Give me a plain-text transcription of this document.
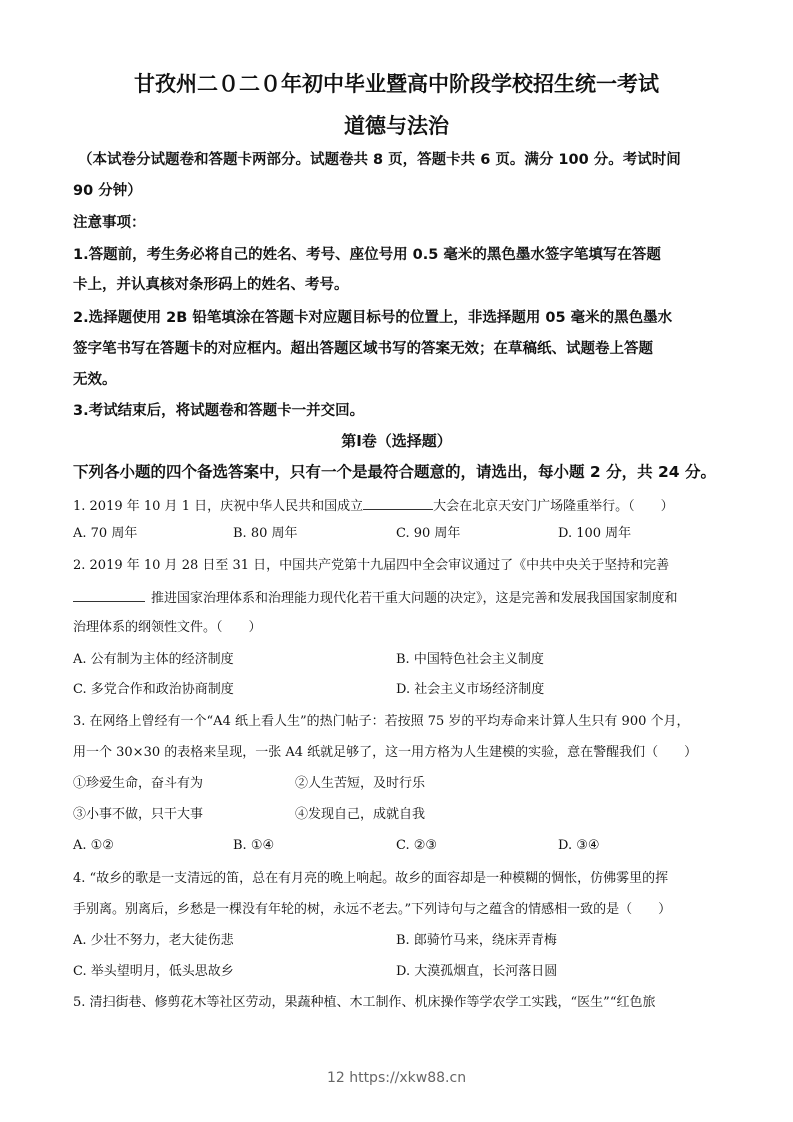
甘孜州二０二０年初中毕业暨高中阶段学校招生统一考试
道德与法治
（本试卷分试题卷和答题卡两部分。试题卷共 8 页，答题卡共 6 页。满分 100 分。考试时间
90 分钟）
注意事项：
1.答题前，考生务必将自己的姓名、考号、座位号用 0.5 毫米的黑色墨水签字笔填写在答题
卡上，并认真核对条形码上的姓名、考号。
2.选择题使用 2B 铅笔填涂在答题卡对应题目标号的位置上，非选择题用 05 毫米的黑色墨水
签字笔书写在答题卡的对应框内。超出答题区域书写的答案无效；在草稿纸、试题卷上答题
无效。
3.考试结束后，将试题卷和答题卡一并交回。
第Ⅰ卷（选择题）
下列各小题的四个备选答案中，只有一个是最符合题意的，请选出，每小题 2 分，共 24 分。
1. 2019 年 10 月 1 日，庆祝中华人民共和国成立	大会在北京天安门广场隆重举行。（　　）
A. 70 周年	B. 80 周年	C. 90 周年	D. 100 周年
2. 2019 年 10 月 28 日至 31 日，中国共产党第十九届四中全会审议通过了《中共中央关于坚持和完善
推进国家治理体系和治理能力现代化若干重大问题的决定》，这是完善和发展我国国家制度和
治理体系的纲领性文件。（　　）
A. 公有制为主体的经济制度	B. 中国特色社会主义制度
C. 多党合作和政治协商制度	D. 社会主义市场经济制度
3. 在网络上曾经有一个“A4 纸上看人生”的热门帖子：若按照 75 岁的平均寿命来计算人生只有 900 个月，
用一个 30×30 的表格来呈现，一张 A4 纸就足够了，这一用方格为人生建模的实验，意在警醒我们（　　）
①珍爱生命，奋斗有为	②人生苦短，及时行乐
③小事不做，只干大事	④发现自己，成就自我
A. ①②	B. ①④	C. ②③	D. ③④
4. “故乡的歌是一支清远的笛，总在有月亮的晚上响起。故乡的面容却是一种模糊的惆怅，仿佛雾里的挥
手别离。别离后，乡愁是一棵没有年轮的树，永远不老去。”下列诗句与之蕴含的情感相一致的是（　　）
A. 少壮不努力，老大徒伤悲	B. 郎骑竹马来，绕床弄青梅
C. 举头望明月，低头思故乡	D. 大漠孤烟直，长河落日圆
5. 清扫街巷、修剪花木等社区劳动，果蔬种植、木工制作、机床操作等学农学工实践，“医生”“红色旅
12 https://xkw88.cn
